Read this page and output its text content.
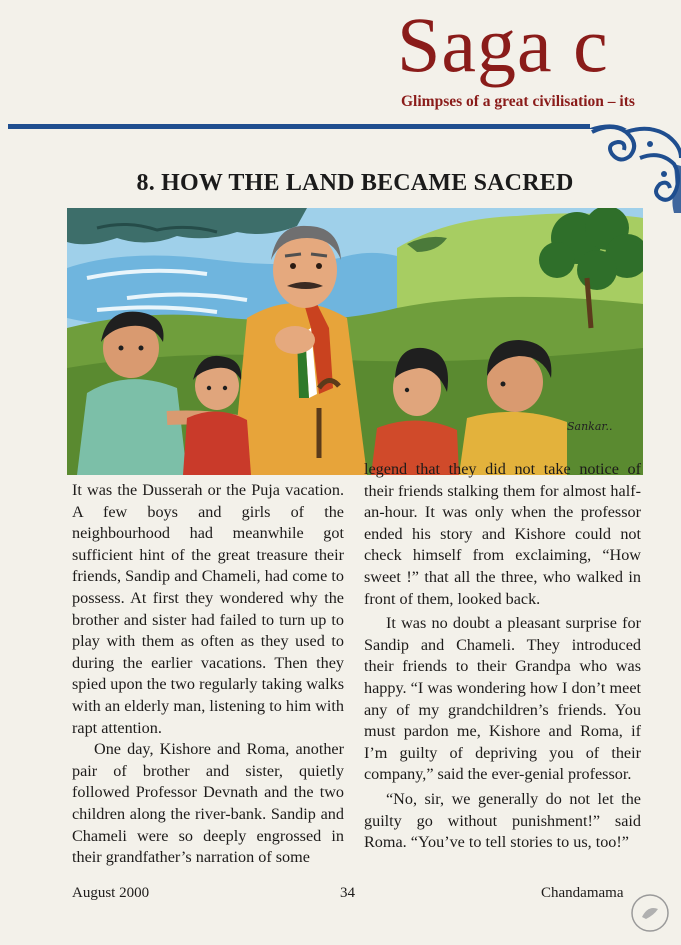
Saga c
Glimpses of a great civilisation – its
8. HOW THE LAND BECAME SACRED
Sankar..

It was the Dusserah or the Puja vacation. A few boys and girls of the neighbourhood had meanwhile got sufficient hint of the great treasure their friends, Sandip and Chameli, had come to possess. At first they wondered why the brother and sister had failed to turn up to play with them as often as they used to during the earlier vacations. Then they spied upon the two regularly taking walks with an elderly man, listening to him with rapt attention.

One day, Kishore and Roma, another pair of brother and sister, quietly followed Professor Devnath and the two children along the river-bank. Sandip and Chameli were so deeply engrossed in their grandfather’s narration of some

legend that they did not take notice of their friends stalking them for almost half-an-hour. It was only when the professor ended his story and Kishore could not check himself from exclaiming, “How sweet !” that all the three, who walked in front of them, looked back.

It was no doubt a pleasant surprise for Sandip and Chameli. They introduced their friends to their Grandpa who was happy. “I was wondering how I don’t meet any of my grandchildren’s friends. You must pardon me, Kishore and Roma, if I’m guilty of depriving you of their company,” said the ever-genial professor.

“No, sir, we generally do not let the guilty go without punishment!” said Roma. “You’ve to tell stories to us, too!”

August 2000	34	Chandamama
